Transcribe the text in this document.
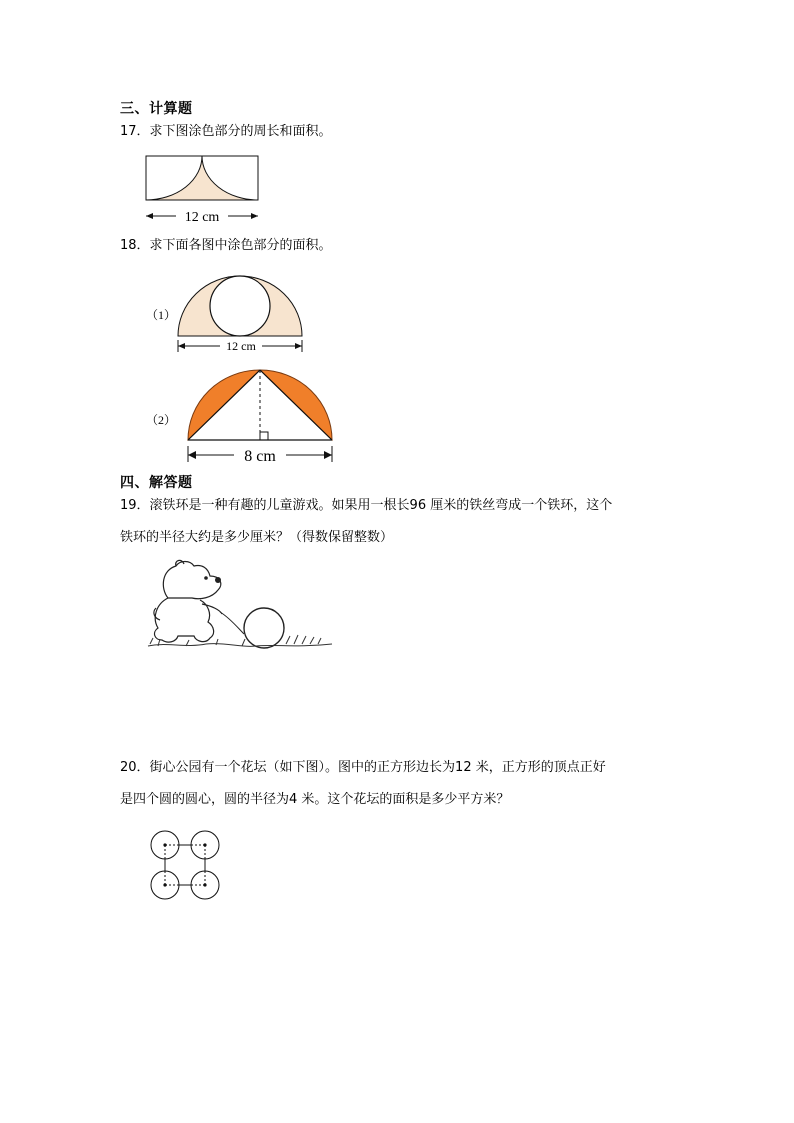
三、计算题
17．求下图涂色部分的周长和面积。
12 cm
18．求下面各图中涂色部分的面积。
（1）
12 cm
（2）
8 cm
四、解答题
19．滚铁环是一种有趣的儿童游戏。如果用一根长96 厘米的铁丝弯成一个铁环，这个
铁环的半径大约是多少厘米？（得数保留整数）
20．街心公园有一个花坛（如下图）。图中的正方形边长为12 米，正方形的顶点正好
是四个圆的圆心，圆的半径为4 米。这个花坛的面积是多少平方米？
